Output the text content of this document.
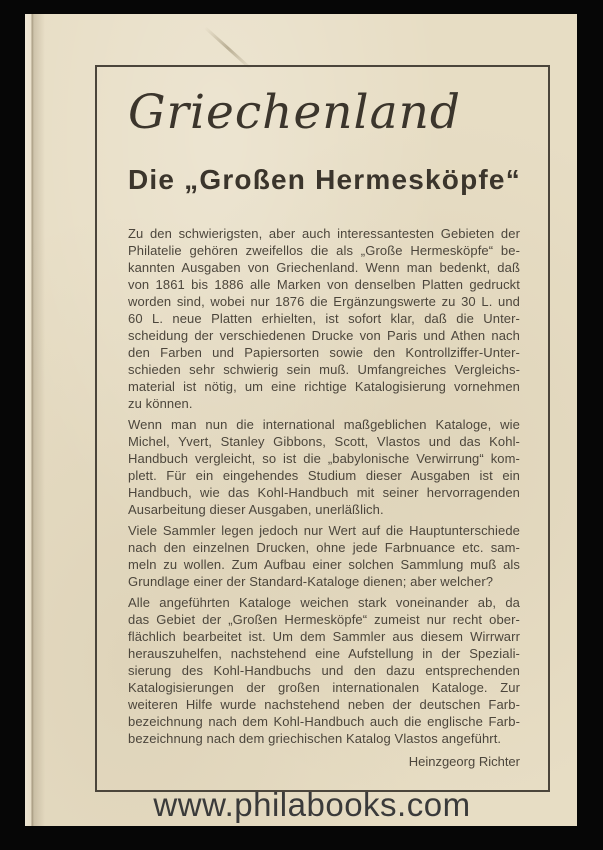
Griechenland
Die „Großen Hermesköpfe“
Zu den schwierigsten, aber auch interessantesten Gebieten der
Philatelie gehören zweifellos die als „Große Hermesköpfe“ be-
kannten Ausgaben von Griechenland. Wenn man bedenkt, daß
von 1861 bis 1886 alle Marken von denselben Platten gedruckt
worden sind, wobei nur 1876 die Ergänzungswerte zu 30 L. und
60 L. neue Platten erhielten, ist sofort klar, daß die Unter-
scheidung der verschiedenen Drucke von Paris und Athen nach
den Farben und Papiersorten sowie den Kontrollziffer-Unter-
schieden sehr schwierig sein muß. Umfangreiches Vergleichs-
material ist nötig, um eine richtige Katalogisierung vornehmen
zu können.
Wenn man nun die international maßgeblichen Kataloge, wie
Michel, Yvert, Stanley Gibbons, Scott, Vlastos und das Kohl-
Handbuch vergleicht, so ist die „babylonische Verwirrung“ kom-
plett. Für ein eingehendes Studium dieser Ausgaben ist ein
Handbuch, wie das Kohl-Handbuch mit seiner hervorragenden
Ausarbeitung dieser Ausgaben, unerläßlich.
Viele Sammler legen jedoch nur Wert auf die Hauptunterschiede
nach den einzelnen Drucken, ohne jede Farbnuance etc. sam-
meln zu wollen. Zum Aufbau einer solchen Sammlung muß als
Grundlage einer der Standard-Kataloge dienen; aber welcher?
Alle angeführten Kataloge weichen stark voneinander ab, da
das Gebiet der „Großen Hermesköpfe“ zumeist nur recht ober-
flächlich bearbeitet ist. Um dem Sammler aus diesem Wirrwarr
herauszuhelfen, nachstehend eine Aufstellung in der Speziali-
sierung des Kohl-Handbuchs und den dazu entsprechenden
Katalogisierungen der großen internationalen Kataloge. Zur
weiteren Hilfe wurde nachstehend neben der deutschen Farb-
bezeichnung nach dem Kohl-Handbuch auch die englische Farb-
bezeichnung nach dem griechischen Katalog Vlastos angeführt.
Heinzgeorg Richter
www.philabooks.com
